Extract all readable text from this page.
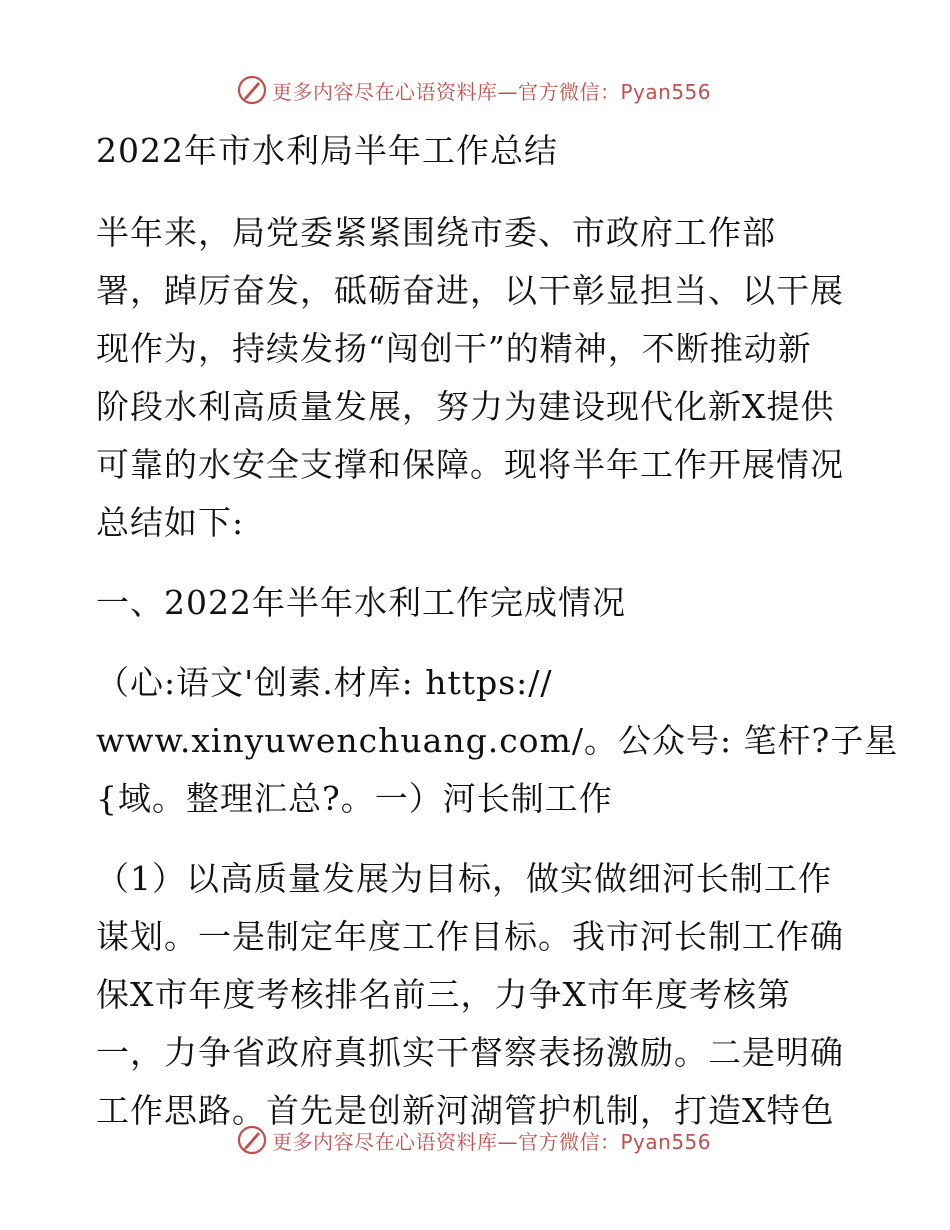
更多内容尽在心语资料库—官方微信：Pyan556
2022年市水利局半年工作总结
半年来，局党委紧紧围绕市委、市政府工作部
署，踔厉奋发，砥砺奋进，以干彰显担当、以干展
现作为，持续发扬“闯创干”的精神，不断推动新
阶段水利高质量发展，努力为建设现代化新X提供
可靠的水安全支撑和保障。现将半年工作开展情况
总结如下:
一、2022年半年水利工作完成情况
（心:语文'创素.材库: https://
www.xinyuwenchuang.com/。公众号: 笔杆?子星
{域。整理汇总?。一）河长制工作
（1）以高质量发展为目标，做实做细河长制工作
谋划。一是制定年度工作目标。我市河长制工作确
保X市年度考核排名前三，力争X市年度考核第
一，力争省政府真抓实干督察表扬激励。二是明确
工作思路。首先是创新河湖管护机制，打造X特色
更多内容尽在心语资料库—官方微信：Pyan556
